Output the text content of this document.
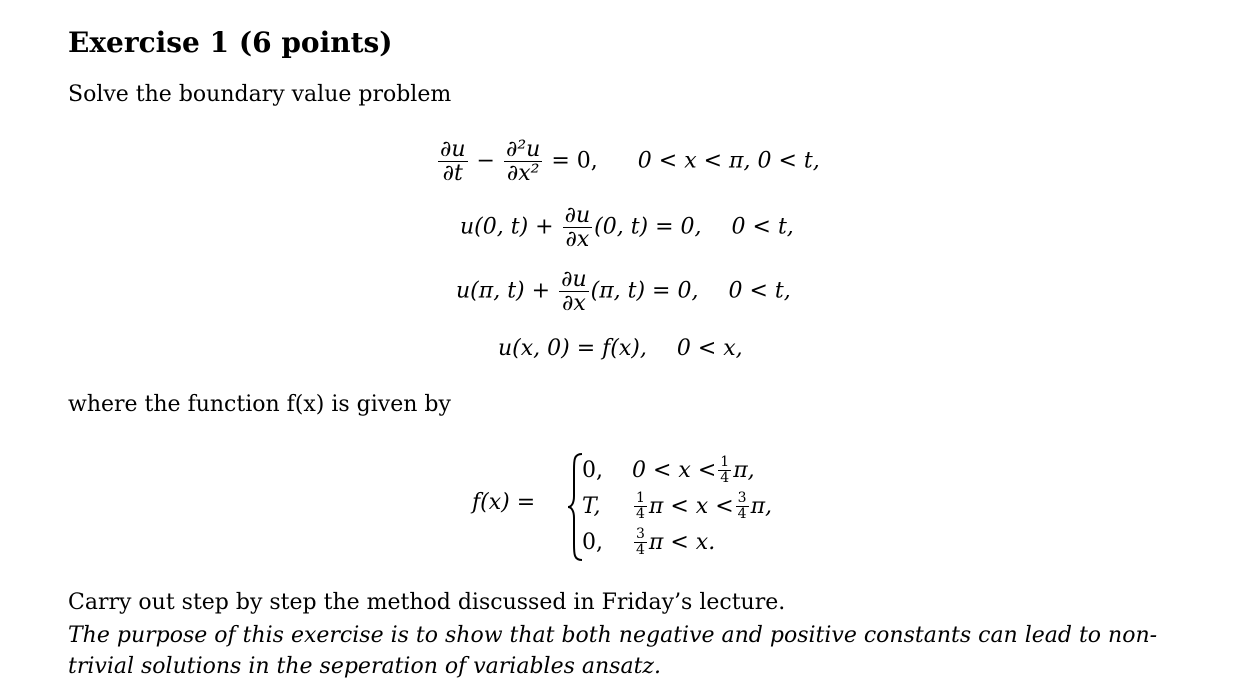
Exercise 1 (6 points)
Solve the boundary value problem
$\frac{\partial u}{\partial t} - \frac{\text{∂²u}}{\text{∂x²}} = 0$, 0 < x < π, 0 < t,
u(0, $t) + \frac{\partial u}{\partial x} (0$, t) = 0, 0 < t,
u(π, $t) + \frac{\partial u}{\partial x} (\pi$, t) = 0, 0 < t,
u(x, 0) = f(x), 0 < x,
where the function f(x) is given by
f(x) =
0,	$0 < x < \frac{1}{4} \pi$,
T,	$\frac{1}{4}$ $\pi < x < \frac{3}{4} \pi$,
0,	$\frac{3}{4}$ π < x.
Carry out step by step the method discussed in Friday’s lecture.
The purpose of this exercise is to show that both negative and positive constants can lead to non-trivial solutions in the seperation of variables ansatz.
